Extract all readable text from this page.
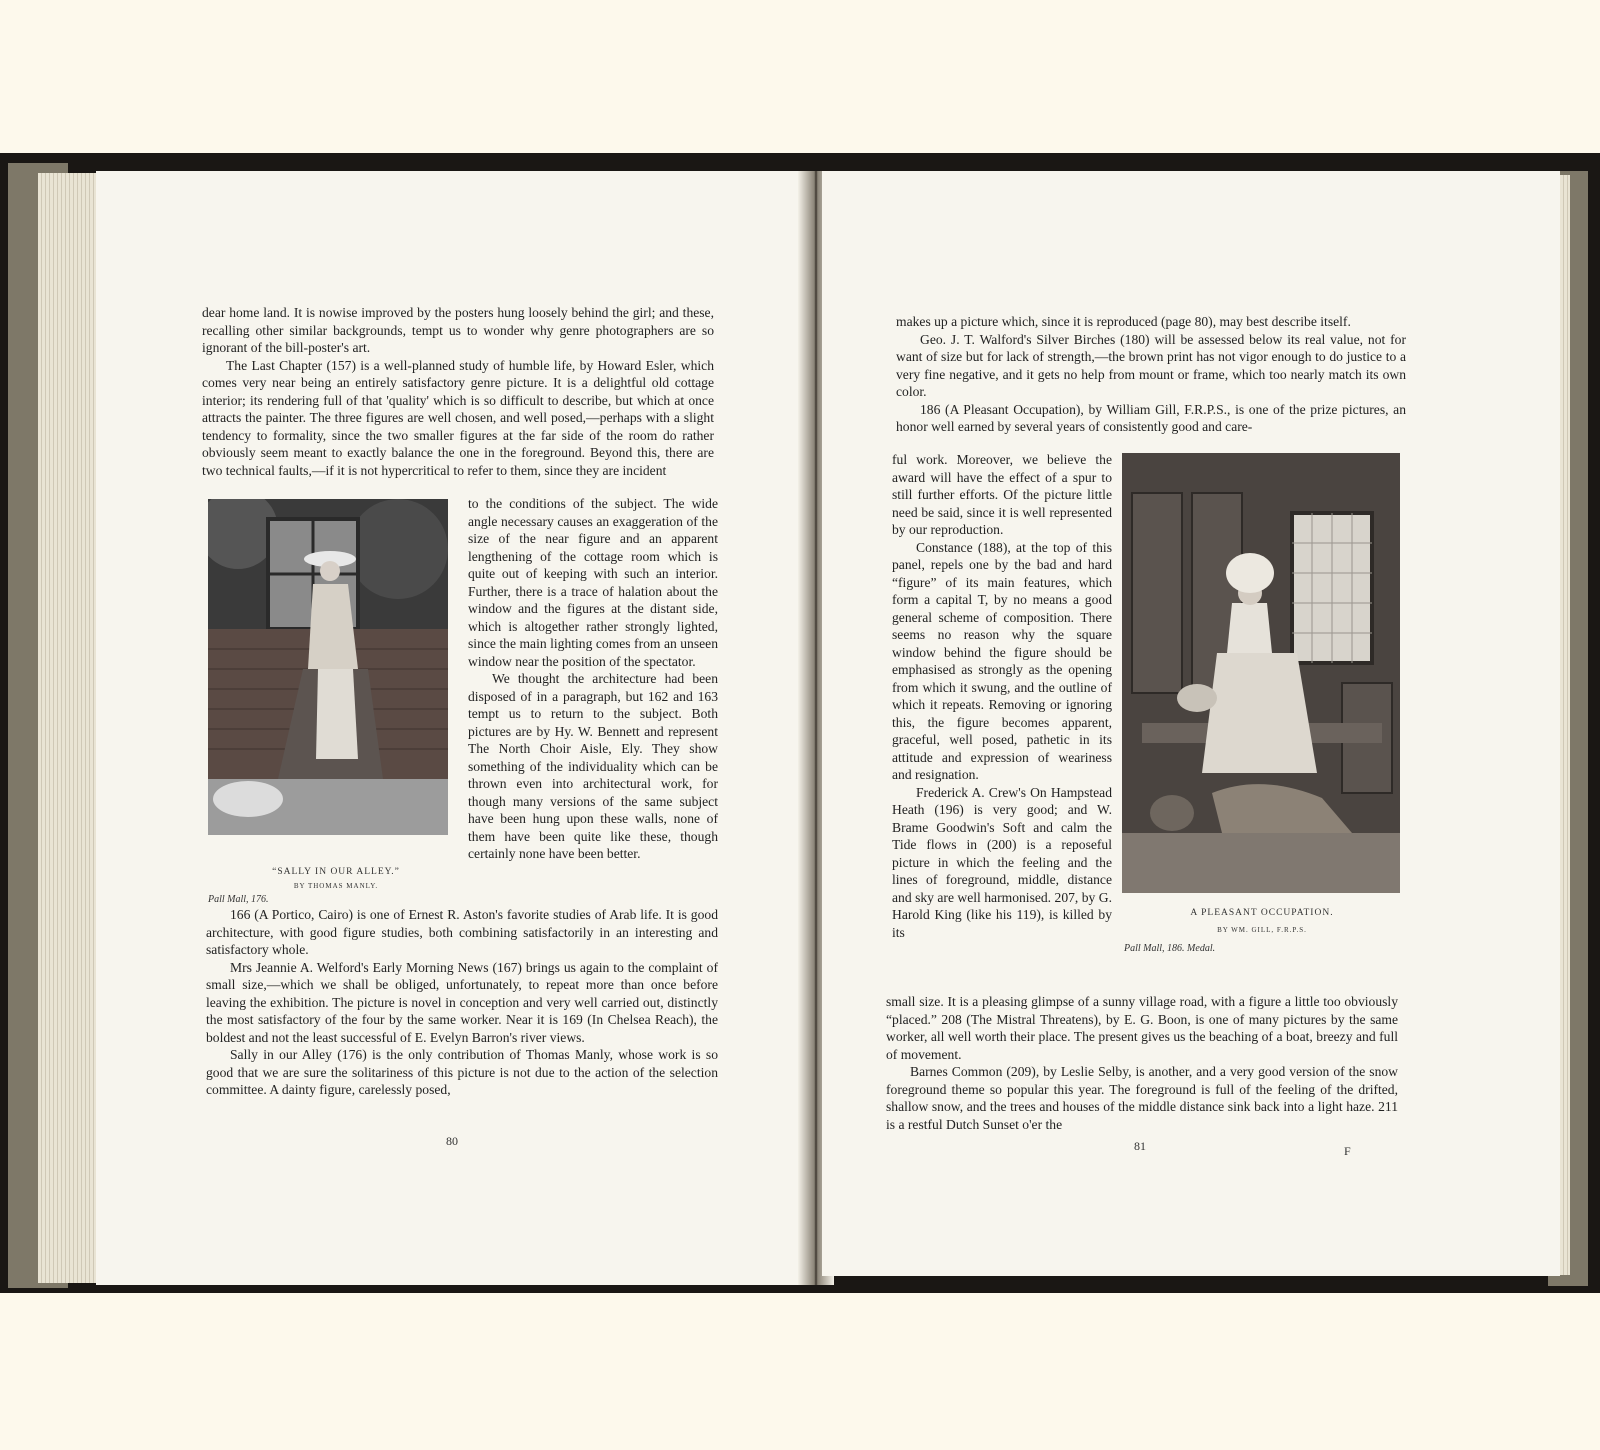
dear home land. It is nowise improved by the posters hung loosely behind the girl; and these, recalling other similar backgrounds, tempt us to wonder why genre photographers are so ignorant of the bill-poster's art.

The Last Chapter (157) is a well-planned study of humble life, by Howard Esler, which comes very near being an entirely satisfactory genre picture. It is a delightful old cottage interior; its rendering full of that 'quality' which is so difficult to describe, but which at once attracts the painter. The three figures are well chosen, and well posed,—perhaps with a slight tendency to formality, since the two smaller figures at the far side of the room do rather obviously seem meant to exactly balance the one in the foreground. Beyond this, there are two technical faults,—if it is not hypercritical to refer to them, since they are incident

“SALLY IN OUR ALLEY.”
BY THOMAS MANLY.
Pall Mall, 176.

to the conditions of the subject. The wide angle necessary causes an exaggeration of the size of the near figure and an apparent lengthening of the cottage room which is quite out of keeping with such an interior. Further, there is a trace of halation about the window and the figures at the distant side, which is altogether rather strongly lighted, since the main lighting comes from an unseen window near the position of the spectator.

We thought the architecture had been disposed of in a paragraph, but 162 and 163 tempt us to return to the subject. Both pictures are by Hy. W. Bennett and represent The North Choir Aisle, Ely. They show something of the individuality which can be thrown even into architectural work, for though many versions of the same subject have been hung upon these walls, none of them have been quite like these, though certainly none have been better.

166 (A Portico, Cairo) is one of Ernest R. Aston's favorite studies of Arab life. It is good architecture, with good figure studies, both combining satisfactorily in an interesting and satisfactory whole.

Mrs Jeannie A. Welford's Early Morning News (167) brings us again to the complaint of small size,—which we shall be obliged, unfortunately, to repeat more than once before leaving the exhibition. The picture is novel in conception and very well carried out, distinctly the most satisfactory of the four by the same worker. Near it is 169 (In Chelsea Reach), the boldest and not the least successful of E. Evelyn Barron's river views.

Sally in our Alley (176) is the only contribution of Thomas Manly, whose work is so good that we are sure the solitariness of this picture is not due to the action of the selection committee. A dainty figure, carelessly posed,

80

makes up a picture which, since it is reproduced (page 80), may best describe itself.

Geo. J. T. Walford's Silver Birches (180) will be assessed below its real value, not for want of size but for lack of strength,—the brown print has not vigor enough to do justice to a very fine negative, and it gets no help from mount or frame, which too nearly match its own color.

186 (A Pleasant Occupation), by William Gill, F.R.P.S., is one of the prize pictures, an honor well earned by several years of consistently good and care-

ful work. Moreover, we believe the award will have the effect of a spur to still further efforts. Of the picture little need be said, since it is well represented by our reproduction.

Constance (188), at the top of this panel, repels one by the bad and hard “figure” of its main features, which form a capital T, by no means a good general scheme of composition. There seems no reason why the square window behind the figure should be emphasised as strongly as the opening from which it swung, and the outline of which it repeats. Removing or ignoring this, the figure becomes apparent, graceful, well posed, pathetic in its attitude and expression of weariness and resignation.

Frederick A. Crew's On Hampstead Heath (196) is very good; and W. Brame Goodwin's Soft and calm the Tide flows in (200) is a reposeful picture in which the feeling and the lines of foreground, middle, distance and sky are well harmonised. 207, by G. Harold King (like his 119), is killed by its

A PLEASANT OCCUPATION.
BY WM. GILL, F.R.P.S.
Pall Mall, 186. Medal.

small size. It is a pleasing glimpse of a sunny village road, with a figure a little too obviously “placed.” 208 (The Mistral Threatens), by E. G. Boon, is one of many pictures by the same worker, all well worth their place. The present gives us the beaching of a boat, breezy and full of movement.

Barnes Common (209), by Leslie Selby, is another, and a very good version of the snow foreground theme so popular this year. The foreground is full of the feeling of the drifted, shallow snow, and the trees and houses of the middle distance sink back into a light haze. 211 is a restful Dutch Sunset o'er the

81	F
